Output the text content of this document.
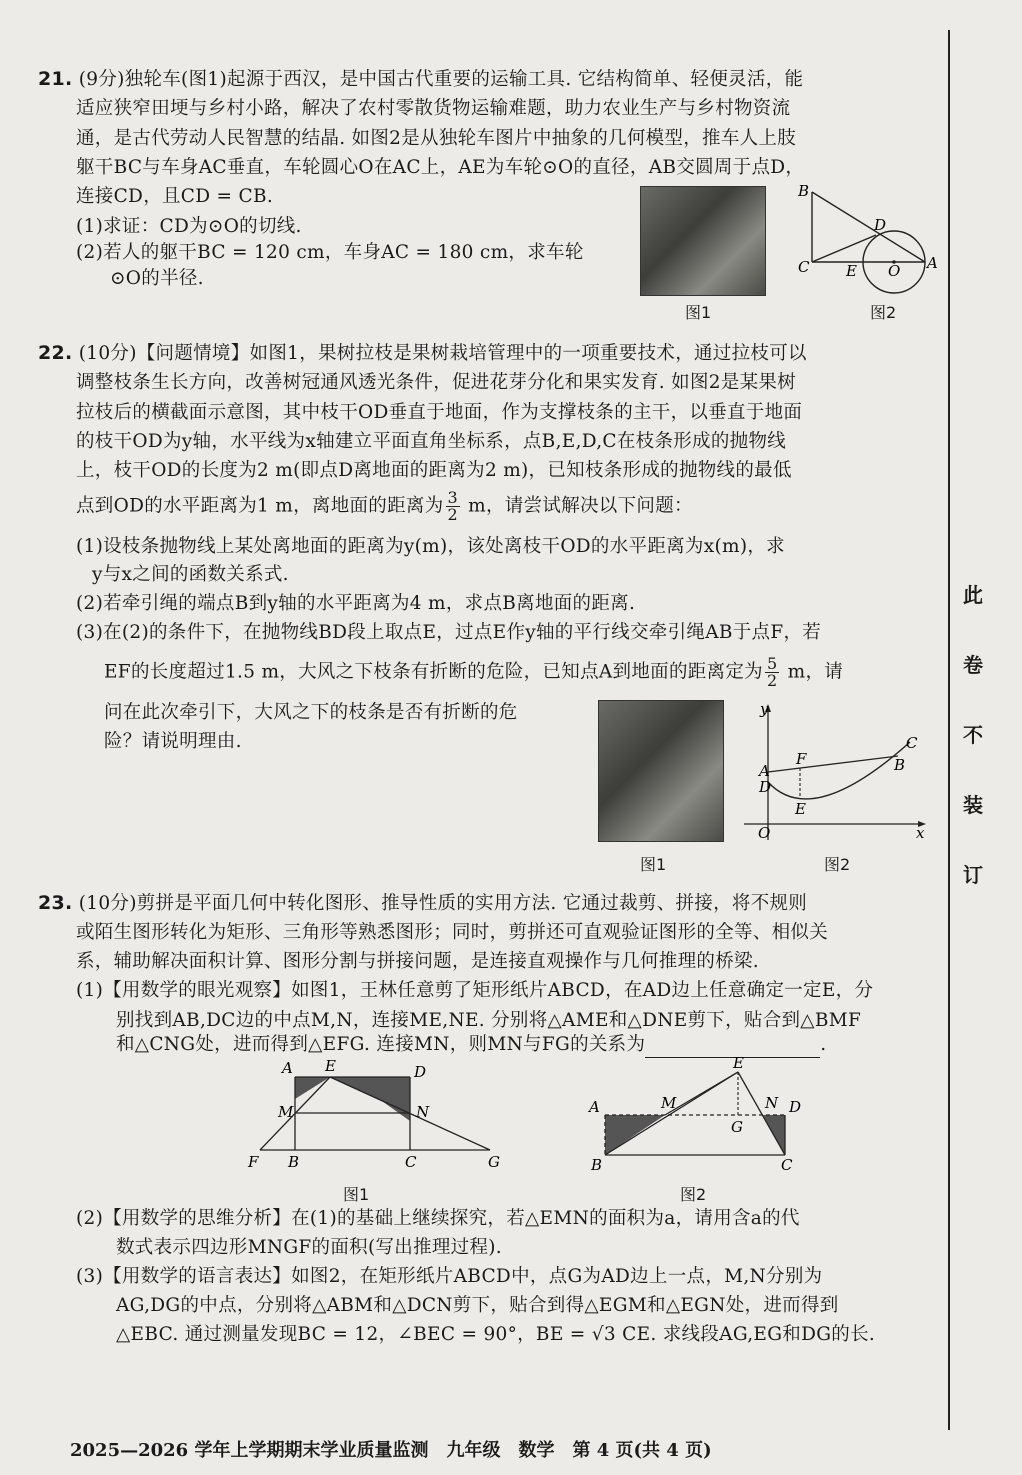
此
卷
不
装
订
21. (9分)独轮车(图1)起源于西汉，是中国古代重要的运输工具. 它结构简单、轻便灵活，能
适应狭窄田埂与乡村小路，解决了农村零散货物运输难题，助力农业生产与乡村物资流
通，是古代劳动人民智慧的结晶. 如图2是从独轮车图片中抽象的几何模型，推车人上肢
躯干BC与车身AC垂直，车轮圆心O在AC上，AE为车轮⊙O的直径，AB交圆周于点D，
连接CD，且CD = CB.
(1)求证：CD为⊙O的切线.
(2)若人的躯干BC = 120 cm，车身AC = 180 cm，求车轮
⊙O的半径.
图1
B
D
C E O A
图2
22. (10分)【问题情境】如图1，果树拉枝是果树栽培管理中的一项重要技术，通过拉枝可以
调整枝条生长方向，改善树冠通风透光条件，促进花芽分化和果实发育. 如图2是某果树
拉枝后的横截面示意图，其中枝干OD垂直于地面，作为支撑枝条的主干，以垂直于地面
的枝干OD为y轴，水平线为x轴建立平面直角坐标系，点B,E,D,C在枝条形成的抛物线
上，枝干OD的长度为2 m(即点D离地面的距离为2 m)，已知枝条形成的抛物线的最低
点到OD的水平距离为1 m，离地面的距离为 $\frac{3}{2}$ m，请尝试解决以下问题：
(1)设枝条抛物线上某处离地面的距离为y(m)，该处离枝干OD的水平距离为x(m)，求
y与x之间的函数关系式.
(2)若牵引绳的端点B到y轴的水平距离为4 m，求点B离地面的距离.
(3)在(2)的条件下，在抛物线BD段上取点E，过点E作y轴的平行线交牵引绳AB于点F，若
EF的长度超过1.5 m，大风之下枝条有折断的危险，已知点A到地面的距离定为 $\frac{5}{2}$ m，请
问在此次牵引下，大风之下的枝条是否有折断的危
险？请说明理由.
图1
y
x
A
D
F
E
B
C
O
图2
23. (10分)剪拼是平面几何中转化图形、推导性质的实用方法. 它通过裁剪、拼接，将不规则
或陌生图形转化为矩形、三角形等熟悉图形；同时，剪拼还可直观验证图形的全等、相似关
系，辅助解决面积计算、图形分割与拼接问题，是连接直观操作与几何推理的桥梁.
(1)【用数学的眼光观察】如图1，王林任意剪了矩形纸片ABCD，在AD边上任意确定一定E，分
别找到AB,DC边的中点M,N，连接ME,NE. 分别将△AME和△DNE剪下，贴合到△BMF
和△CNG处，进而得到△EFG. 连接MN，则MN与FG的关系为	.
A E	D
M	N
F B	C	G
图1
E
A	M	N D
G
B	C
图2
(2)【用数学的思维分析】在(1)的基础上继续探究，若△EMN的面积为a，请用含a的代
数式表示四边形MNGF的面积(写出推理过程).
(3)【用数学的语言表达】如图2，在矩形纸片ABCD中，点G为AD边上一点，M,N分别为
AG,DG的中点，分别将△ABM和△DCN剪下，贴合到得△EGM和△EGN处，进而得到
△EBC. 通过测量发现BC = 12，∠BEC = 90°，BE = √3 CE. 求线段AG,EG和DG的长.
2025—2026 学年上学期期末学业质量监测　九年级　数学　第 4 页(共 4 页)
